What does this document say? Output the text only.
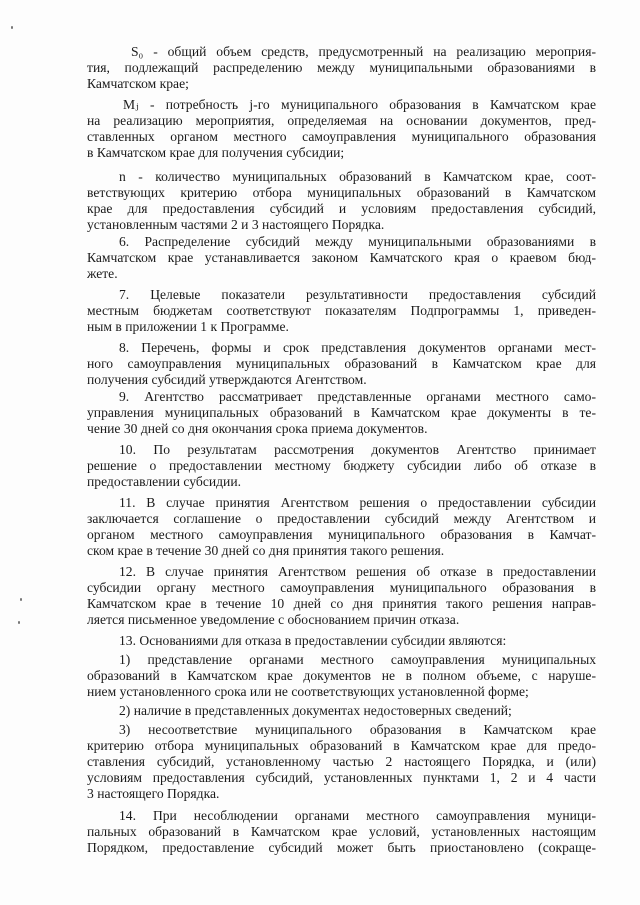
S₀ - общий объем средств, предусмотренный на реализацию мероприя-
тия, подлежащий распределению между муниципальными образованиями в
Камчатском крае;
Mⱼ - потребность j-го муниципального образования в Камчатском крае
на реализацию мероприятия, определяемая на основании документов, пред-
ставленных органом местного самоуправления муниципального образования
в Камчатском крае для получения субсидии;
n - количество муниципальных образований в Камчатском крае, соот-
ветствующих критерию отбора муниципальных образований в Камчатском
крае для предоставления субсидий и условиям предоставления субсидий,
установленным частями 2 и 3 настоящего Порядка.
6. Распределение субсидий между муниципальными образованиями в
Камчатском крае устанавливается законом Камчатского края о краевом бюд-
жете.
7. Целевые показатели результативности предоставления субсидий
местным бюджетам соответствуют показателям Подпрограммы 1, приведен-
ным в приложении 1 к Программе.
8. Перечень, формы и срок представления документов органами мест-
ного самоуправления муниципальных образований в Камчатском крае для
получения субсидий утверждаются Агентством.
9. Агентство рассматривает представленные органами местного само-
управления муниципальных образований в Камчатском крае документы в те-
чение 30 дней со дня окончания срока приема документов.
10. По результатам рассмотрения документов Агентство принимает
решение о предоставлении местному бюджету субсидии либо об отказе в
предоставлении субсидии.
11. В случае принятия Агентством решения о предоставлении субсидии
заключается соглашение о предоставлении субсидий между Агентством и
органом местного самоуправления муниципального образования в Камчат-
ском крае в течение 30 дней со дня принятия такого решения.
12. В случае принятия Агентством решения об отказе в предоставлении
субсидии органу местного самоуправления муниципального образования в
Камчатском крае в течение 10 дней со дня принятия такого решения направ-
ляется письменное уведомление с обоснованием причин отказа.
13. Основаниями для отказа в предоставлении субсидии являются:
1) представление органами местного самоуправления муниципальных
образований в Камчатском крае документов не в полном объеме, с наруше-
нием установленного срока или не соответствующих установленной форме;
2) наличие в представленных документах недостоверных сведений;
3) несоответствие муниципального образования в Камчатском крае
критерию отбора муниципальных образований в Камчатском крае для предо-
ставления субсидий, установленному частью 2 настоящего Порядка, и (или)
условиям предоставления субсидий, установленных пунктами 1, 2 и 4 части
3 настоящего Порядка.
14. При несоблюдении органами местного самоуправления муници-
пальных образований в Камчатском крае условий, установленных настоящим
Порядком, предоставление субсидий может быть приостановлено (сокраще-
